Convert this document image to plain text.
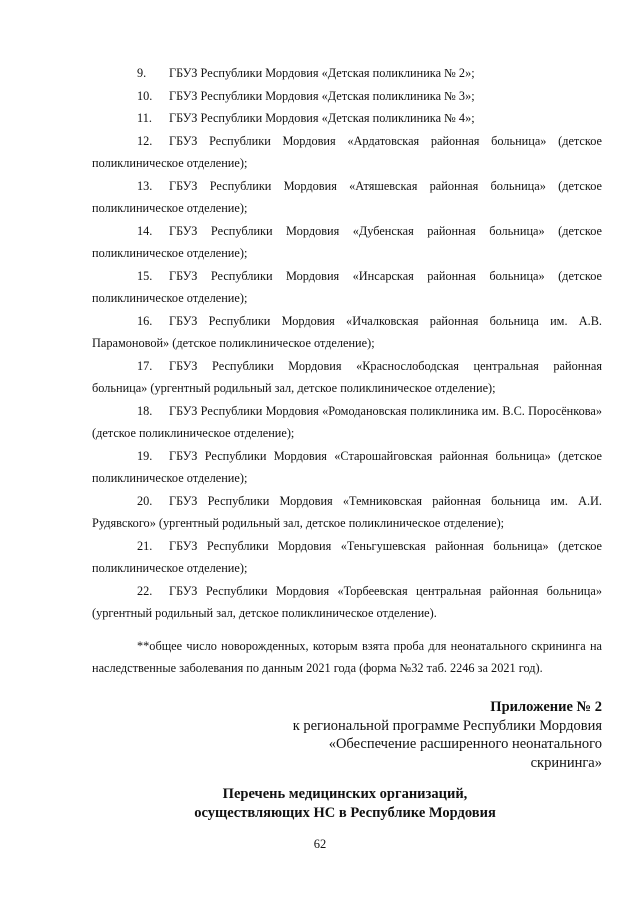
9. ГБУЗ Республики Мордовия «Детская поликлиника № 2»;
10. ГБУЗ Республики Мордовия «Детская поликлиника № 3»;
11. ГБУЗ Республики Мордовия «Детская поликлиника № 4»;
12. ГБУЗ Республики Мордовия «Ардатовская районная больница» (детское поликлиническое отделение);
13. ГБУЗ Республики Мордовия «Атяшевская районная больница» (детское поликлиническое отделение);
14. ГБУЗ Республики Мордовия «Дубенская районная больница» (детское поликлиническое отделение);
15. ГБУЗ Республики Мордовия «Инсарская районная больница» (детское поликлиническое отделение);
16. ГБУЗ Республики Мордовия «Ичалковская районная больница им. А.В. Парамоновой» (детское поликлиническое отделение);
17. ГБУЗ Республики Мордовия «Краснослободская центральная районная больница» (ургентный родильный зал, детское поликлиническое отделение);
18. ГБУЗ Республики Мордовия «Ромодановская поликлиника им. В.С. Поросёнкова» (детское поликлиническое отделение);
19. ГБУЗ Республики Мордовия «Старошайговская районная больница» (детское поликлиническое отделение);
20. ГБУЗ Республики Мордовия «Темниковская районная больница им. А.И. Рудявского» (ургентный родильный зал, детское поликлиническое отделение);
21. ГБУЗ Республики Мордовия «Теньгушевская районная больница» (детское поликлиническое отделение);
22. ГБУЗ Республики Мордовия «Торбеевская центральная районная больница» (ургентный родильный зал, детское поликлиническое отделение).
**общее число новорожденных, которым взята проба для неонатального скрининга на наследственные заболевания по данным 2021 года (форма №32 таб. 2246 за 2021 год).
Приложение № 2
к региональной программе Республики Мордовия
«Обеспечение расширенного неонатального
скрининга»
Перечень медицинских организаций,
осуществляющих НС в Республике Мордовия
62
